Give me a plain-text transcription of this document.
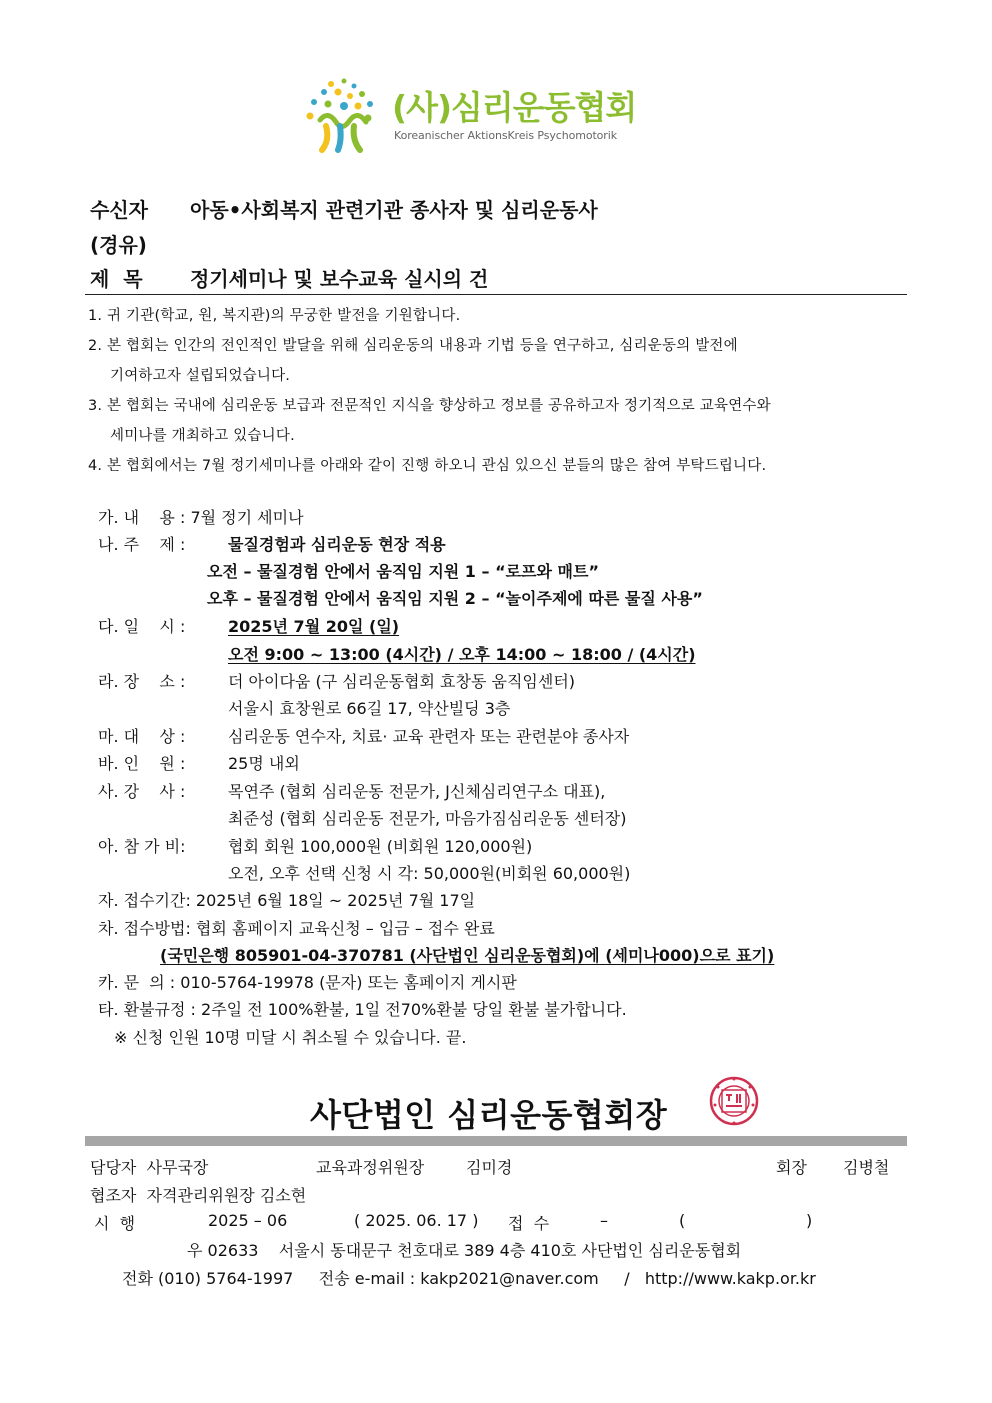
(사)심리운동협회
Koreanischer AktionsKreis Psychomotorik
수신자 아동•사회복지 관련기관 종사자 및 심리운동사
(경유)
제  목 정기세미나 및 보수교육 실시의 건
1. 귀 기관(학교, 원, 복지관)의 무궁한 발전을 기원합니다.
2. 본 협회는 인간의 전인적인 발달을 위해 심리운동의 내용과 기법 등을 연구하고, 심리운동의 발전에
기여하고자 설립되었습니다.
3. 본 협회는 국내에 심리운동 보급과 전문적인 지식을 향상하고 정보를 공유하고자 정기적으로 교육연수와
세미나를 개최하고 있습니다.
4. 본 협회에서는 7월 정기세미나를 아래와 같이 진행 하오니 관심 있으신 분들의 많은 참여 부탁드립니다.
가. 내    용 : 7월 정기 세미나
나. 주    제 :	물질경험과 심리운동 현장 적용
오전 – 물질경험 안에서 움직임 지원 1 – “로프와 매트”
오후 – 물질경험 안에서 움직임 지원 2 – “놀이주제에 따른 물질 사용”
다. 일    시 :	2025년 7월 20일 (일)
오전 9:00 ~ 13:00 (4시간) / 오후 14:00 ~ 18:00 / (4시간)
라. 장    소 :	더 아이다움 (구 심리운동협회 효창동 움직임센터)
서울시 효창원로 66길 17, 약산빌딩 3층
마. 대    상 :	심리운동 연수자, 치료· 교육 관련자 또는 관련분야 종사자
바. 인    원 :	25명 내외
사. 강    사 :	목연주 (협회 심리운동 전문가, J신체심리연구소 대표),
최준성 (협회 심리운동 전문가, 마음가짐심리운동 센터장)
아. 참 가 비:	협회 회원 100,000원 (비회원 120,000원)
오전, 오후 선택 신청 시 각: 50,000원(비회원 60,000원)
자. 접수기간: 2025년 6월 18일 ~ 2025년 7월 17일
차. 접수방법: 협회 홈페이지 교육신청 – 입금 – 접수 완료
(국민은행 805901-04-370781 (사단법인 심리운동협회)에 (세미나000)으로 표기)
카. 문  의 : 010-5764-19978 (문자) 또는 홈페이지 게시판
타. 환불규정 : 2주일 전 100%환불, 1일 전70%환불 당일 환불 불가합니다.
※ 신청 인원 10명 미달 시 취소될 수 있습니다. 끝.
사단법인 심리운동협회장
담당자  사무국장	교육과정위원장	김미경	회장 김병철
협조자  자격관리위원장 김소현
시  행	2025 – 06	( 2025. 06. 17 ) 접  수	–	(	)
우 02633    서울시 동대문구 천호대로 389 4층 410호 사단법인 심리운동협회
전화 (010) 5764-1997     전송 e-mail : kakp2021@naver.com     /   http://www.kakp.or.kr
